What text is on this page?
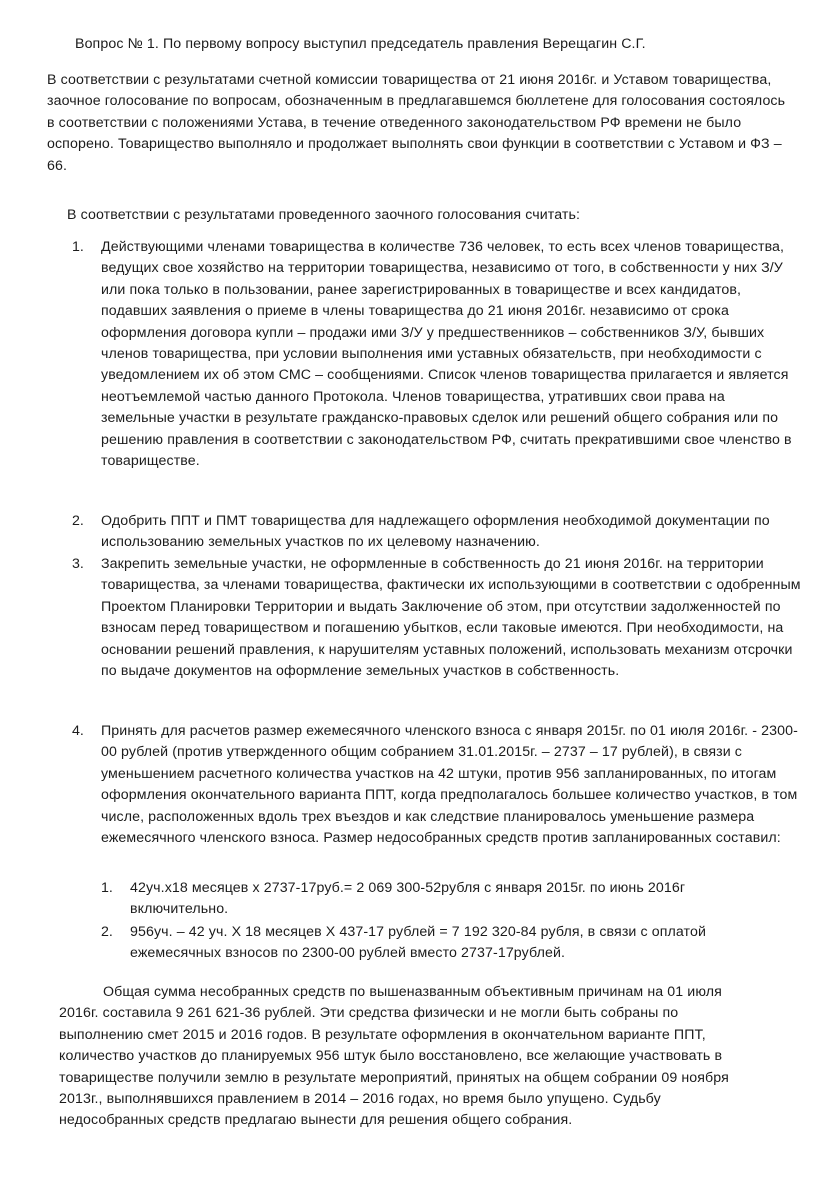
Вопрос № 1. По первому вопросу выступил председатель правления Верещагин С.Г.

В соответствии с результатами счетной комиссии товарищества от 21 июня 2016г. и Уставом товарищества, заочное голосование по вопросам, обозначенным в предлагавшемся бюллетене для голосования состоялось в соответствии с положениями Устава, в течение отведенного законодательством РФ времени не было оспорено. Товарищество выполняло и продолжает выполнять свои функции в соответствии с Уставом и ФЗ – 66.

В соответствии с результатами проведенного заочного голосования считать:

1. Действующими членами товарищества в количестве 736 человек, то есть всех членов товарищества, ведущих свое хозяйство на территории товарищества, независимо от того, в собственности у них З/У или пока только в пользовании, ранее зарегистрированных в товариществе и всех кандидатов, подавших заявления о приеме в члены товарищества до 21 июня 2016г. независимо от срока оформления договора купли – продажи ими З/У у предшественников – собственников З/У, бывших членов товарищества, при условии выполнения ими уставных обязательств, при необходимости с уведомлением их об этом СМС – сообщениями. Список членов товарищества прилагается и является неотъемлемой частью данного Протокола. Членов товарищества, утративших свои права на земельные участки в результате гражданско-правовых сделок или решений общего собрания или по решению правления в соответствии с законодательством РФ, считать прекратившими свое членство в товариществе.

2. Одобрить ППТ и ПМТ товарищества для надлежащего оформления необходимой документации по использованию земельных участков по их целевому назначению.

3. Закрепить земельные участки, не оформленные в собственность до 21 июня 2016г. на территории товарищества, за членами товарищества, фактически их использующими в соответствии с одобренным Проектом Планировки Территории и выдать Заключение об этом, при отсутствии задолженностей по взносам перед товариществом и погашению убытков, если таковые имеются. При необходимости, на основании решений правления, к нарушителям уставных положений, использовать механизм отсрочки по выдаче документов на оформление земельных участков в собственность.

4. Принять для расчетов размер ежемесячного членского взноса с января 2015г. по 01 июля 2016г. - 2300-00 рублей (против утвержденного общим собранием 31.01.2015г. – 2737 – 17 рублей), в связи с уменьшением расчетного количества участков на 42 штуки, против 956 запланированных, по итогам оформления окончательного варианта ППТ, когда предполагалось большее количество участков, в том числе, расположенных вдоль трех въездов и как следствие планировалось уменьшение размера ежемесячного членского взноса. Размер недособранных средств против запланированных составил:

1. 42уч.х18 месяцев х 2737-17руб.= 2 069 300-52рубля с января 2015г. по июнь 2016г включительно.

2. 956уч. – 42 уч. Х 18 месяцев Х 437-17 рублей = 7 192 320-84 рубля, в связи с оплатой ежемесячных взносов по 2300-00 рублей вместо 2737-17рублей.

Общая сумма несобранных средств по вышеназванным объективным причинам на 01 июля 2016г. составила 9 261 621-36 рублей. Эти средства физически и не могли быть собраны по выполнению смет 2015 и 2016 годов. В результате оформления в окончательном варианте ППТ, количество участков до планируемых 956 штук было восстановлено, все желающие участвовать в товариществе получили землю в результате мероприятий, принятых на общем собрании 09 ноября 2013г., выполнявшихся правлением в 2014 – 2016 годах, но время было упущено. Судьбу недособранных средств предлагаю вынести для решения общего собрания.
